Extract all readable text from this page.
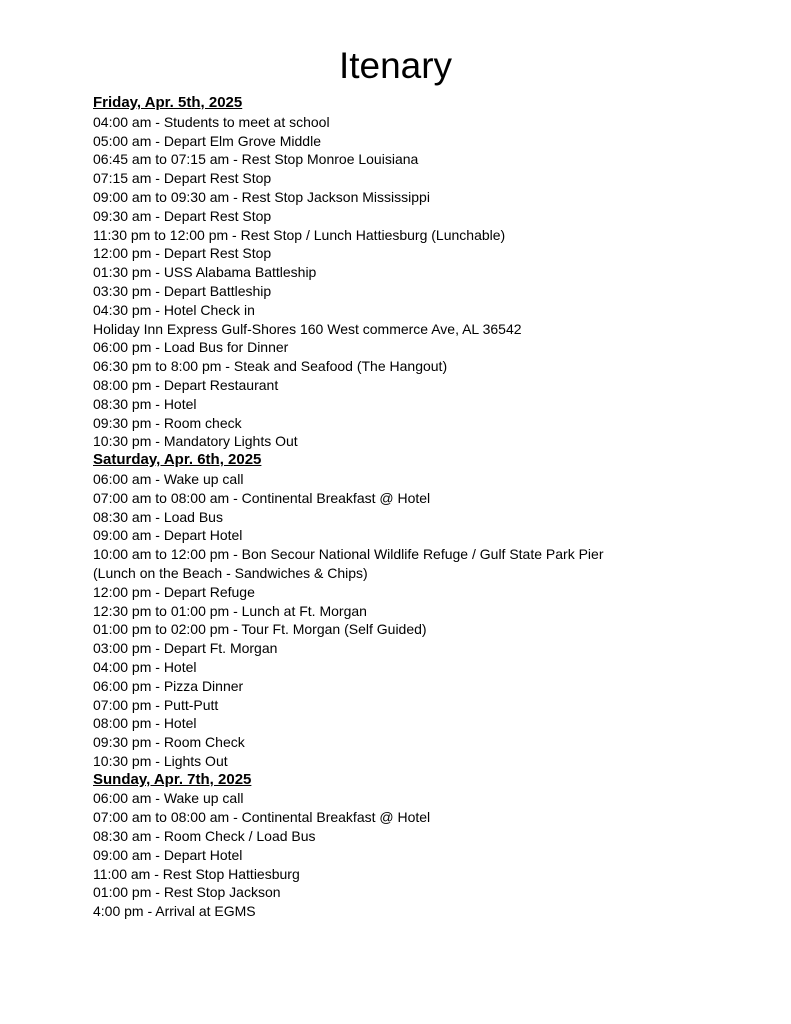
Itenary
Friday, Apr. 5th, 2025
04:00 am - Students to meet at school
05:00 am - Depart Elm Grove Middle
06:45 am to 07:15 am - Rest Stop Monroe Louisiana
07:15 am - Depart Rest Stop
09:00 am to 09:30 am - Rest Stop Jackson Mississippi
09:30 am - Depart Rest Stop
11:30 pm to 12:00 pm - Rest Stop / Lunch Hattiesburg (Lunchable)
12:00 pm - Depart Rest Stop
01:30 pm - USS Alabama Battleship
03:30 pm - Depart Battleship
04:30 pm - Hotel Check in
Holiday Inn Express Gulf-Shores 160 West commerce Ave, AL 36542
06:00 pm - Load Bus for Dinner
06:30 pm to 8:00 pm - Steak and Seafood (The Hangout)
08:00 pm - Depart Restaurant
08:30 pm - Hotel
09:30 pm - Room check
10:30 pm - Mandatory Lights Out
Saturday, Apr. 6th, 2025
06:00 am - Wake up call
07:00 am to 08:00 am - Continental Breakfast @ Hotel
08:30 am - Load Bus
09:00 am - Depart Hotel
10:00 am to 12:00 pm - Bon Secour National Wildlife Refuge / Gulf State Park Pier
(Lunch on the Beach - Sandwiches & Chips)
12:00 pm - Depart Refuge
12:30 pm to 01:00 pm - Lunch at Ft. Morgan
01:00 pm to 02:00 pm - Tour Ft. Morgan (Self Guided)
03:00 pm - Depart Ft. Morgan
04:00 pm - Hotel
06:00 pm - Pizza Dinner
07:00 pm - Putt-Putt
08:00 pm - Hotel
09:30 pm - Room Check
10:30 pm - Lights Out
Sunday, Apr. 7th, 2025
06:00 am - Wake up call
07:00 am to 08:00 am - Continental Breakfast @ Hotel
08:30 am - Room Check / Load Bus
09:00 am - Depart Hotel
11:00 am - Rest Stop Hattiesburg
01:00 pm - Rest Stop Jackson
4:00 pm - Arrival at EGMS
